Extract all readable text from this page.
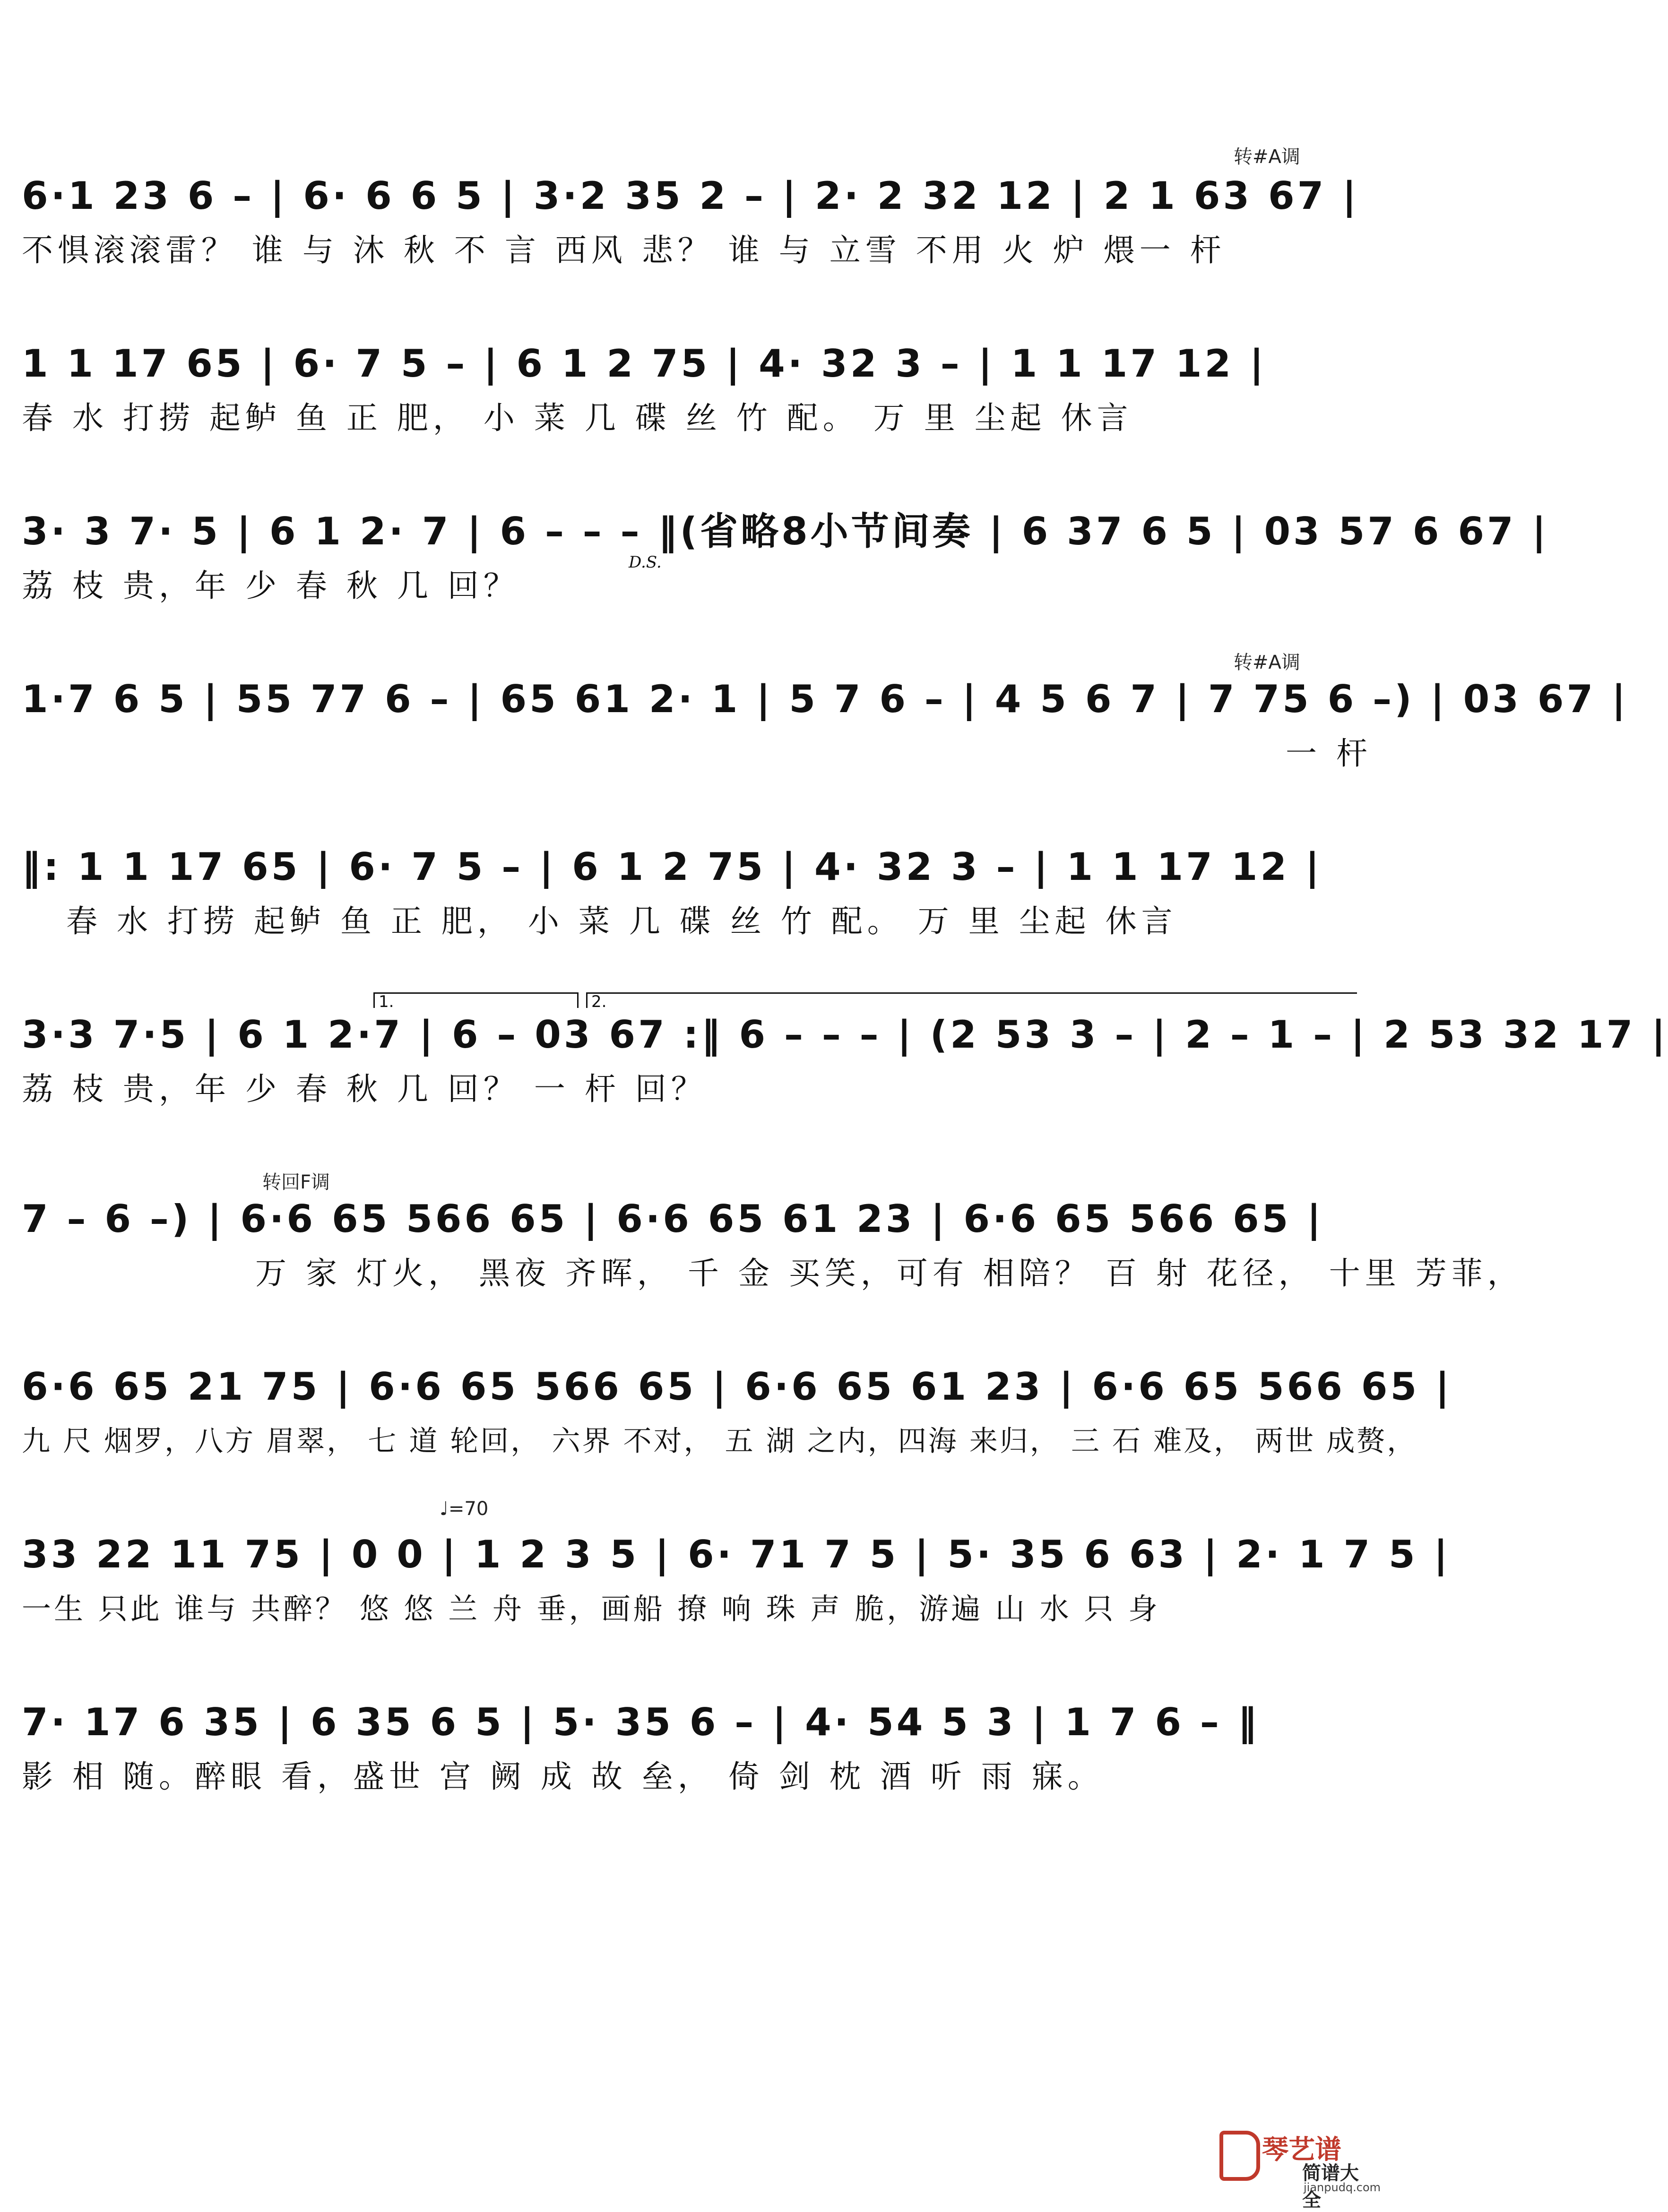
转#A调
转#A调
转回F调
♩=70
6·1 23 6 – | 6· 6 6 5 | 3·2 35 2 – | 2· 2 32 12 | 2 1 63 67 |
不惧滚滚雷？ 谁 与 沐 秋 不 言 西风 悲？ 谁 与 立雪 不用 火 炉 煨一 杆
1 1 17 65 | 6· 7 5 – | 6 1 2 75 | 4· 32 3 – | 1 1 17 12 |
春 水 打捞 起鲈 鱼 正 肥， 小 菜 几 碟 丝 竹 配。 万 里 尘起 休言
3· 3 7· 5 | 6 1 2· 7 | 6 – – – ‖(省略8小节间奏 | 6 37 6 5 | 03 57 6 67 |
荔 枝 贵，年 少 春 秋 几 回？
D.S.
1·7 6 5 | 55 77 6 – | 65 61 2· 1 | 5 7 6 – | 4 5 6 7 | 7 75 6 –) | 03 67 |
一 杆
‖: 1 1 17 65 | 6· 7 5 – | 6 1 2 75 | 4· 32 3 – | 1 1 17 12 |
春 水 打捞 起鲈 鱼 正 肥， 小 菜 几 碟 丝 竹 配。 万 里 尘起 休言
1.	2.
3·3 7·5 | 6 1 2·7 | 6 – 03 67 :‖ 6 – – – | (2 53 3 – | 2 – 1 – | 2 53 32 17 |
荔 枝 贵，年 少 春 秋 几 回？ 一 杆 回？
7 – 6 –) | 6·6 65 566 65 | 6·6 65 61 23 | 6·6 65 566 65 |
万 家 灯火， 黑夜 齐晖， 千 金 买笑，可有 相陪？ 百 射 花径， 十里 芳菲，
6·6 65 21 75 | 6·6 65 566 65 | 6·6 65 61 23 | 6·6 65 566 65 |
九 尺 烟罗，八方 眉翠， 七 道 轮回， 六界 不对， 五 湖 之内，四海 来归， 三 石 难及， 两世 成赘，
33 22 11 75 | 0 0 | 1 2 3 5 | 6· 71 7 5 | 5· 35 6 63 | 2· 1 7 5 |
一生 只此 谁与 共醉？ 悠 悠 兰 舟 垂，画船 撩 响 珠 声 脆，游遍 山 水 只 身
7· 17 6 35 | 6 35 6 5 | 5· 35 6 – | 4· 54 5 3 | 1 7 6 – ‖
影 相 随。醉眼 看，盛世 宫 阙 成 故 垒， 倚 剑 枕 酒 听 雨 寐。
琴艺谱
简谱大全
jianpudq.com
